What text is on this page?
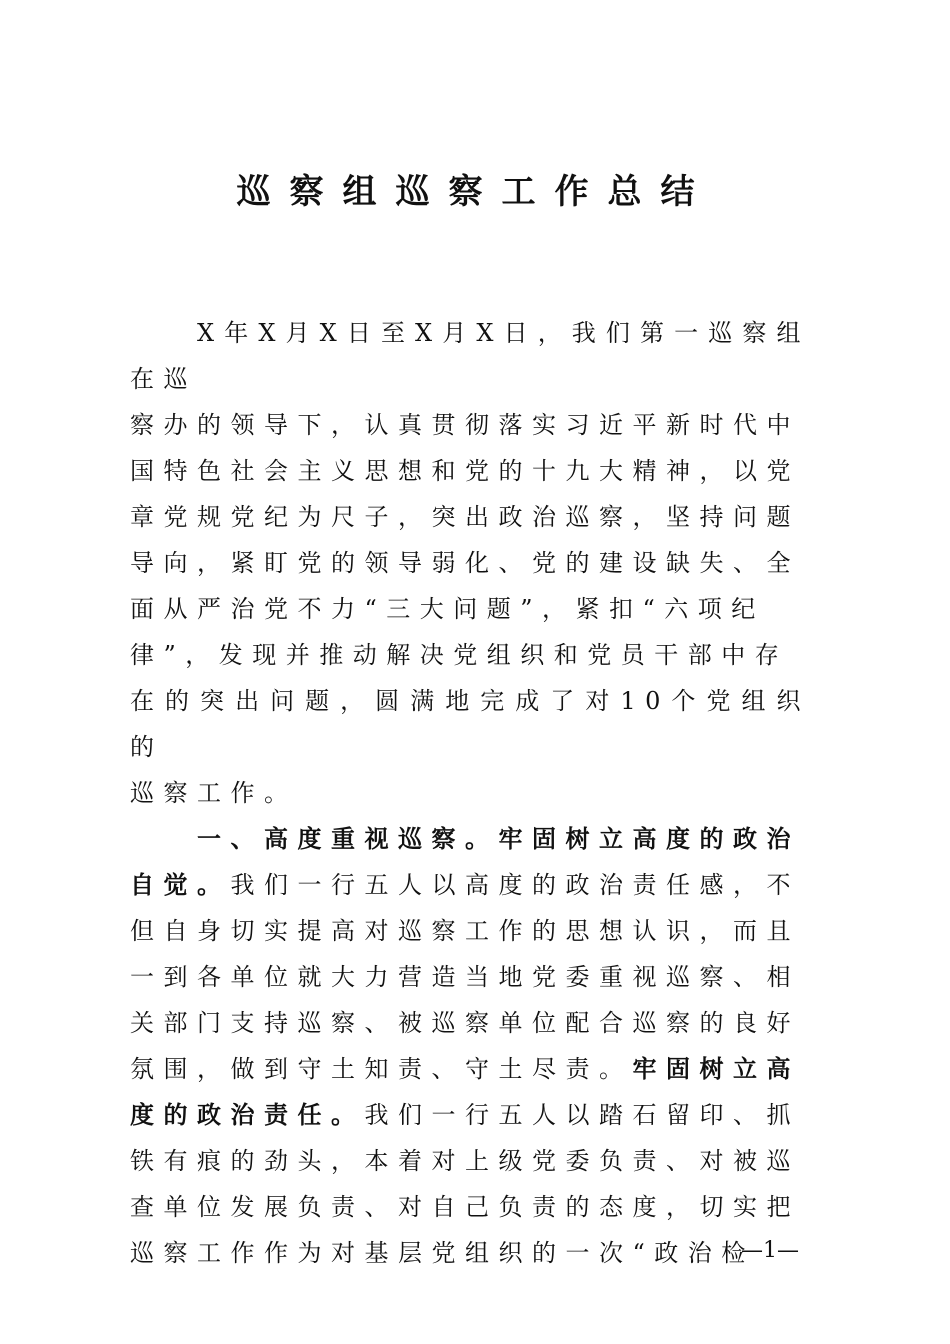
巡察组巡察工作总结

X年X月X日至X月X日，我们第一巡察组在巡
察办的领导下，认真贯彻落实习近平新时代中
国特色社会主义思想和党的十九大精神，以党
章党规党纪为尺子，突出政治巡察，坚持问题
导向，紧盯党的领导弱化、党的建设缺失、全
面从严治党不力“三大问题”，紧扣“六项纪
律”，发现并推动解决党组织和党员干部中存
在的突出问题，圆满地完成了对10个党组织的
巡察工作。

一、高度重视巡察。牢固树立高度的政治
自觉。我们一行五人以高度的政治责任感，不
但自身切实提高对巡察工作的思想认识，而且
一到各单位就大力营造当地党委重视巡察、相
关部门支持巡察、被巡察单位配合巡察的良好
氛围，做到守土知责、守土尽责。牢固树立高
度的政治责任。我们一行五人以踏石留印、抓
铁有痕的劲头，本着对上级党委负责、对被巡
查单位发展负责、对自己负责的态度，切实把
巡察工作作为对基层党组织的一次“政治检

—1—
